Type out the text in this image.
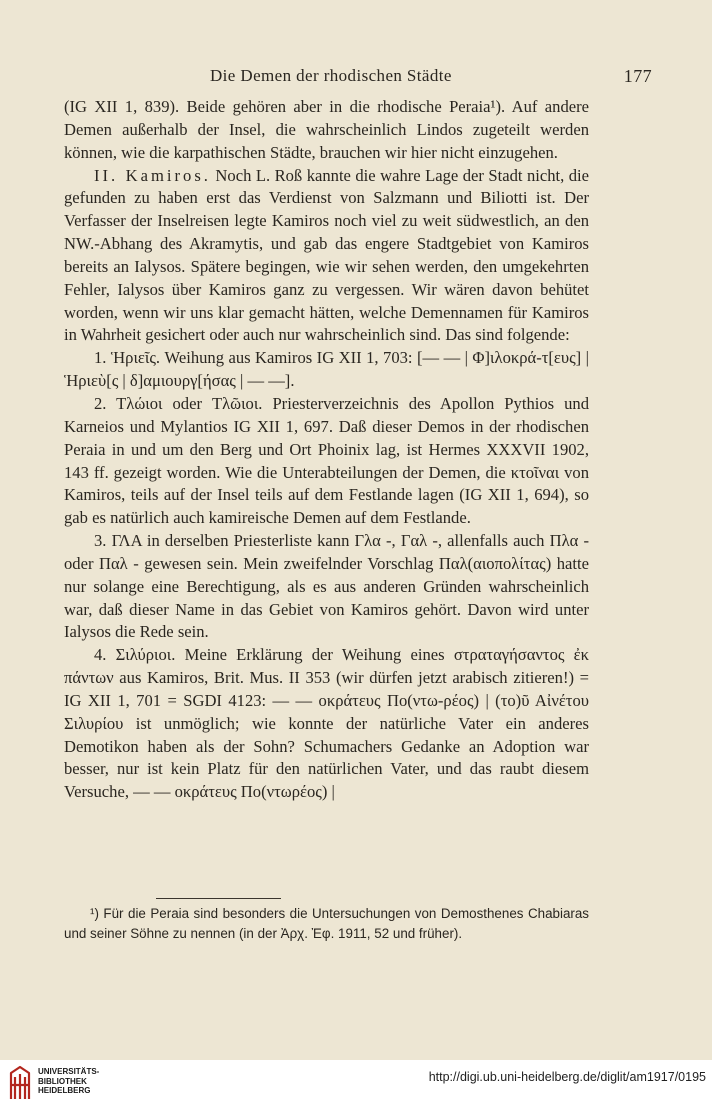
Die Demen der rhodischen Städte	177

(IG XII 1, 839). Beide gehören aber in die rhodische Peraia¹). Auf andere Demen außerhalb der Insel, die wahrscheinlich Lindos zugeteilt werden können, wie die karpathischen Städte, brauchen wir hier nicht einzugehen.

II. Kamiros. Noch L. Roß kannte die wahre Lage der Stadt nicht, die gefunden zu haben erst das Verdienst von Salzmann und Biliotti ist. Der Verfasser der Inselreisen legte Kamiros noch viel zu weit südwestlich, an den NW.-Abhang des Akramytis, und gab das engere Stadtgebiet von Kamiros bereits an Ialysos. Spätere begingen, wie wir sehen werden, den umgekehrten Fehler, Ialysos über Kamiros ganz zu vergessen. Wir wären davon behütet worden, wenn wir uns klar gemacht hätten, welche Demennamen für Kamiros in Wahrheit gesichert oder auch nur wahrscheinlich sind. Das sind folgende:

1. Ἡριεῖς. Weihung aus Kamiros IG XII 1, 703: [— — | Φ]ιλοκρά-τ[ευς] | Ἡριεὺ[ς | δ]αμιουργ[ήσας | — —].

2. Τλώιοι oder Τλῶιοι. Priesterverzeichnis des Apollon Pythios und Karneios und Mylantios IG XII 1, 697. Daß dieser Demos in der rhodischen Peraia in und um den Berg und Ort Phoinix lag, ist Hermes XXXVII 1902, 143 ff. gezeigt worden. Wie die Unterabteilungen der Demen, die κτοῖναι von Kamiros, teils auf der Insel teils auf dem Festlande lagen (IG XII 1, 694), so gab es natürlich auch kamireische Demen auf dem Festlande.

3. ΓΛΑ in derselben Priesterliste kann Γλα -, Γαλ -, allenfalls auch Πλα - oder Παλ - gewesen sein. Mein zweifelnder Vorschlag Παλ(αιοπολίτας) hatte nur solange eine Berechtigung, als es aus anderen Gründen wahrscheinlich war, daß dieser Name in das Gebiet von Kamiros gehört. Davon wird unter Ialysos die Rede sein.

4. Σιλύριοι. Meine Erklärung der Weihung eines στραταγήσαντος ἐκ πάντων aus Kamiros, Brit. Mus. II 353 (wir dürfen jetzt arabisch zitieren!) = IG XII 1, 701 = SGDI 4123: — — οκράτευς Πο(ντω-ρέος) | (το)ῦ Αἰνέτου Σιλυρίου ist unmöglich; wie konnte der natürliche Vater ein anderes Demotikon haben als der Sohn? Schumachers Gedanke an Adoption war besser, nur ist kein Platz für den natürlichen Vater, und das raubt diesem Versuche, — — οκράτευς Πο(ντωρέος) |

¹) Für die Peraia sind besonders die Untersuchungen von Demosthenes Chabiaras und seiner Söhne zu nennen (in der Ἀρχ. Ἐφ. 1911, 52 und früher).
UNIVERSITÄTS-
BIBLIOTHEK
HEIDELBERG
http://digi.ub.uni-heidelberg.de/diglit/am1917/0195
